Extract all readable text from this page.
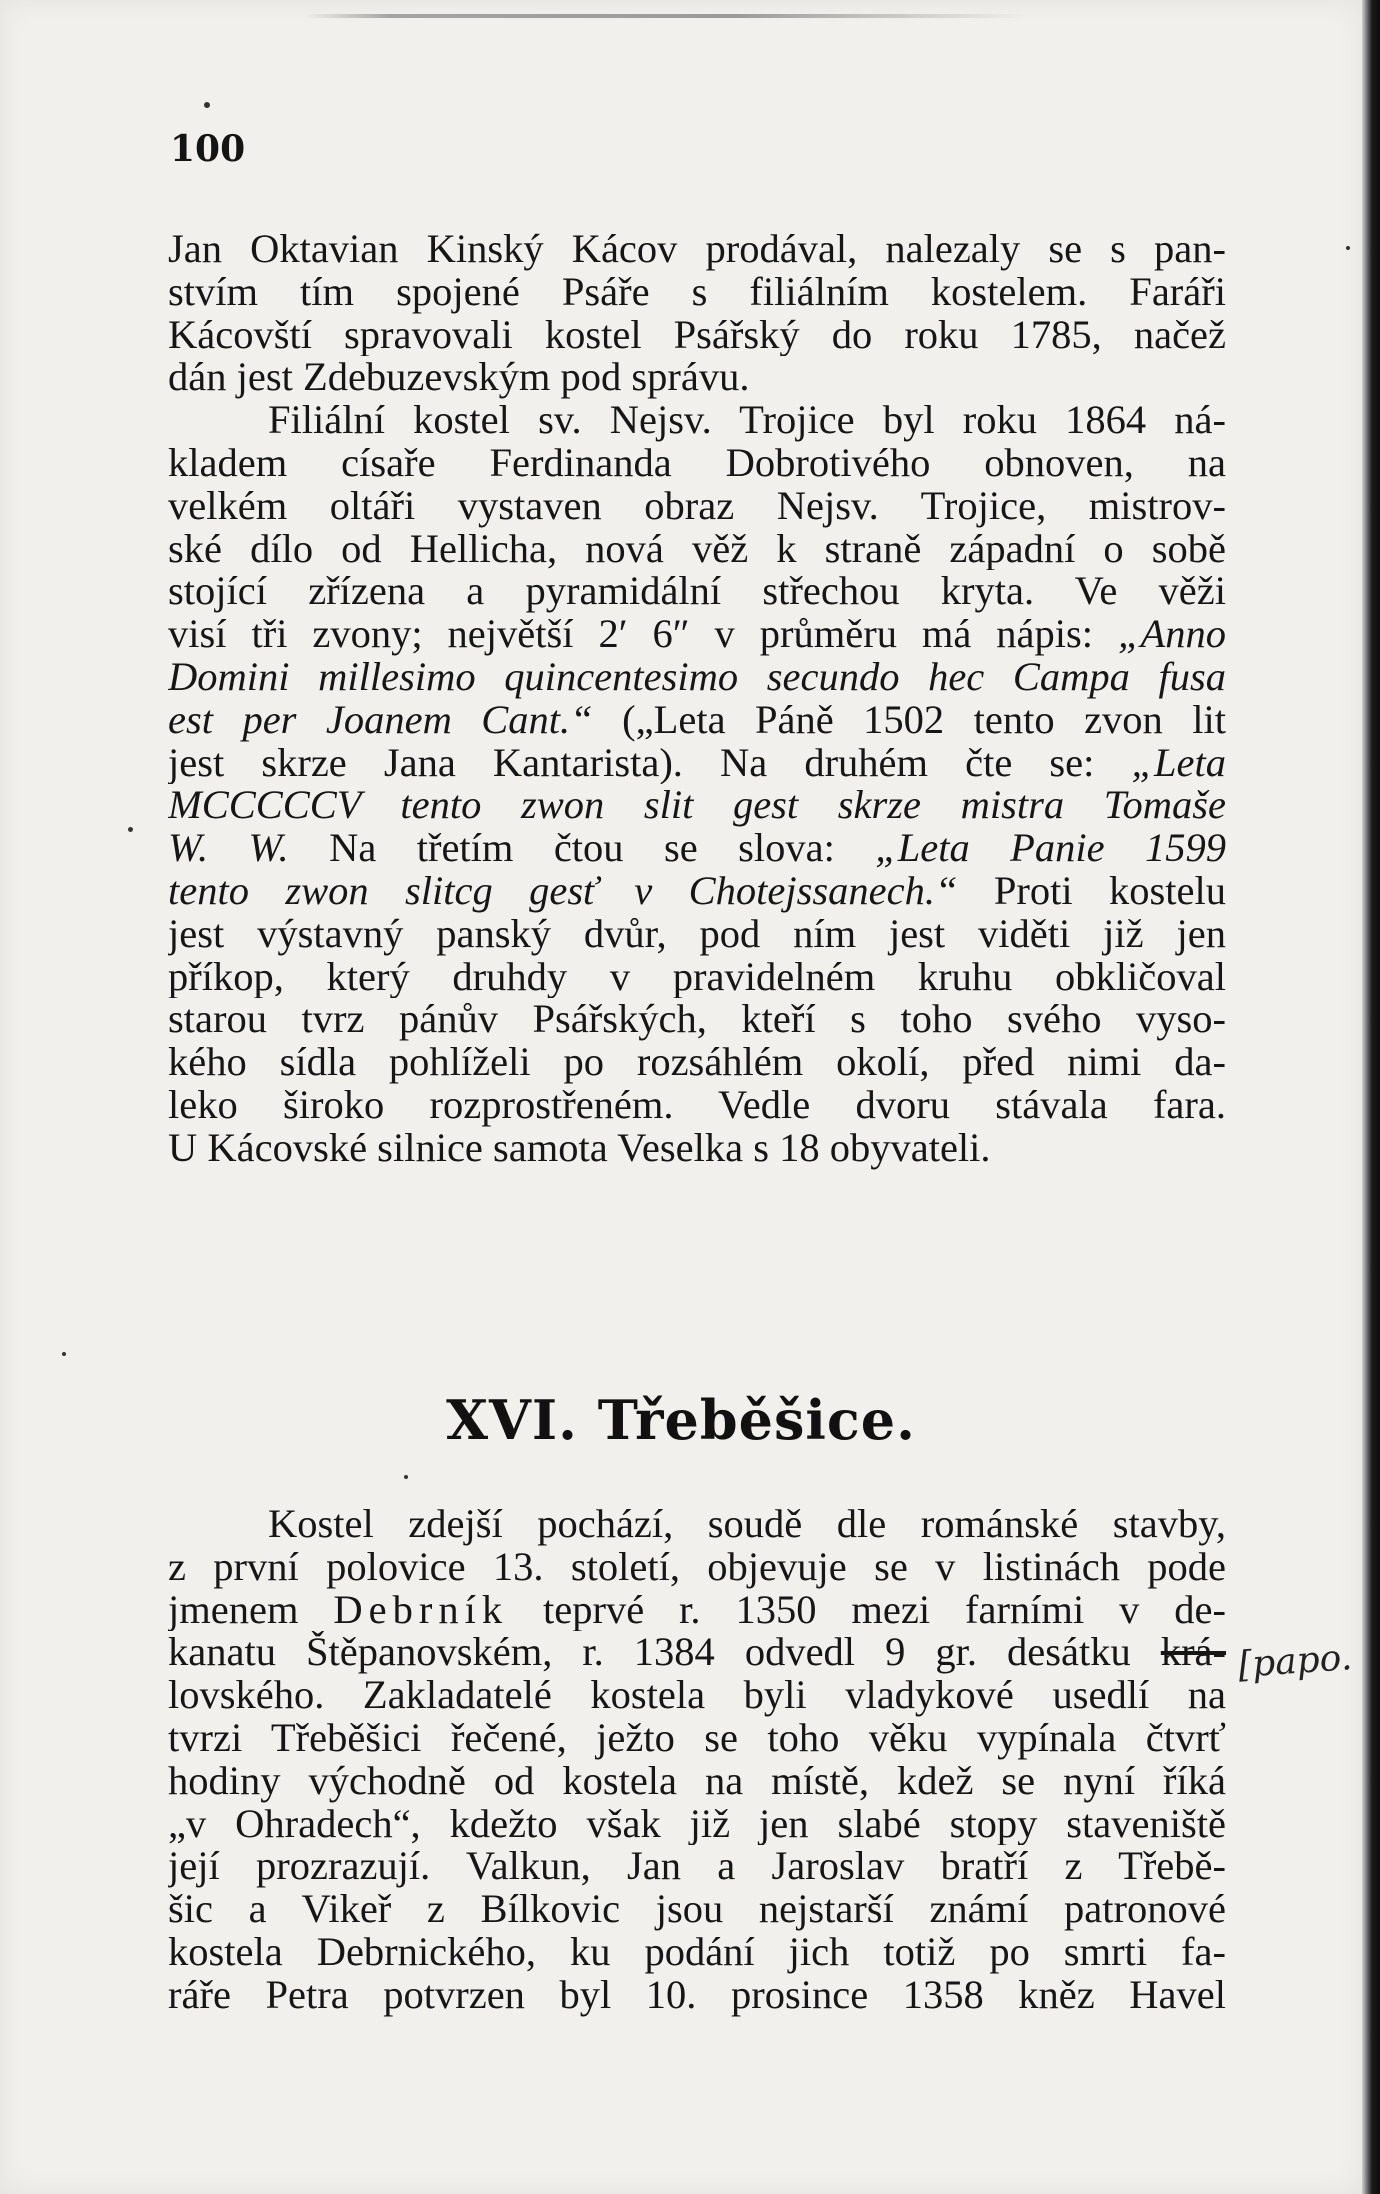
100
Jan Oktavian Kinský Kácov prodával, nalezaly se s pan-
stvím tím spojené Psáře s filiálním kostelem. Faráři
Kácovští spravovali kostel Psářský do roku 1785, načež
dán jest Zdebuzevským pod správu.
Filiální kostel sv. Nejsv. Trojice byl roku 1864 ná-
kladem císaře Ferdinanda Dobrotivého obnoven, na
velkém oltáři vystaven obraz Nejsv. Trojice, mistrov-
ské dílo od Hellicha, nová věž k straně západní o sobě
stojící zřízena a pyramidální střechou kryta. Ve věži
visí tři zvony; největší 2′ 6″ v průměru má nápis: „Anno
Domini millesimo quincentesimo secundo hec Campa fusa
est per Joanem Cant.“ („Leta Páně 1502 tento zvon lit
jest skrze Jana Kantarista). Na druhém čte se: „Leta
MCCCCCV tento zwon slit gest skrze mistra Tomaše
W. W. Na třetím čtou se slova: „Leta Panie 1599
tento zwon slitcg gesť v Chotejssanech.“ Proti kostelu
jest výstavný panský dvůr, pod ním jest viděti již jen
příkop, který druhdy v pravidelném kruhu obkličoval
starou tvrz pánův Psářských, kteří s toho svého vyso-
kého sídla pohlíželi po rozsáhlém okolí, před nimi da-
leko široko rozprostřeném. Vedle dvoru stávala fara.
U Kácovské silnice samota Veselka s 18 obyvateli.
XVI. Třeběšice.
Kostel zdejší pochází, soudě dle románské stavby,
z první polovice 13. století, objevuje se v listinách pode
jmenem Debrník teprvé r. 1350 mezi farními v de-
kanatu Štěpanovském, r. 1384 odvedl 9 gr. desátku krá-
lovského. Zakladatelé kostela byli vladykové usedlí na
tvrzi Třeběšici řečené, ježto se toho věku vypínala čtvrť
hodiny východně od kostela na místě, kdež se nyní říká
„v Ohradech“, kdežto však již jen slabé stopy staveniště
její prozrazují. Valkun, Jan a Jaroslav bratří z Třebě-
šic a Vikeř z Bílkovic jsou nejstarší známí patronové
kostela Debrnického, ku podání jich totiž po smrti fa-
ráře Petra potvrzen byl 10. prosince 1358 kněz Havel
[papo.
